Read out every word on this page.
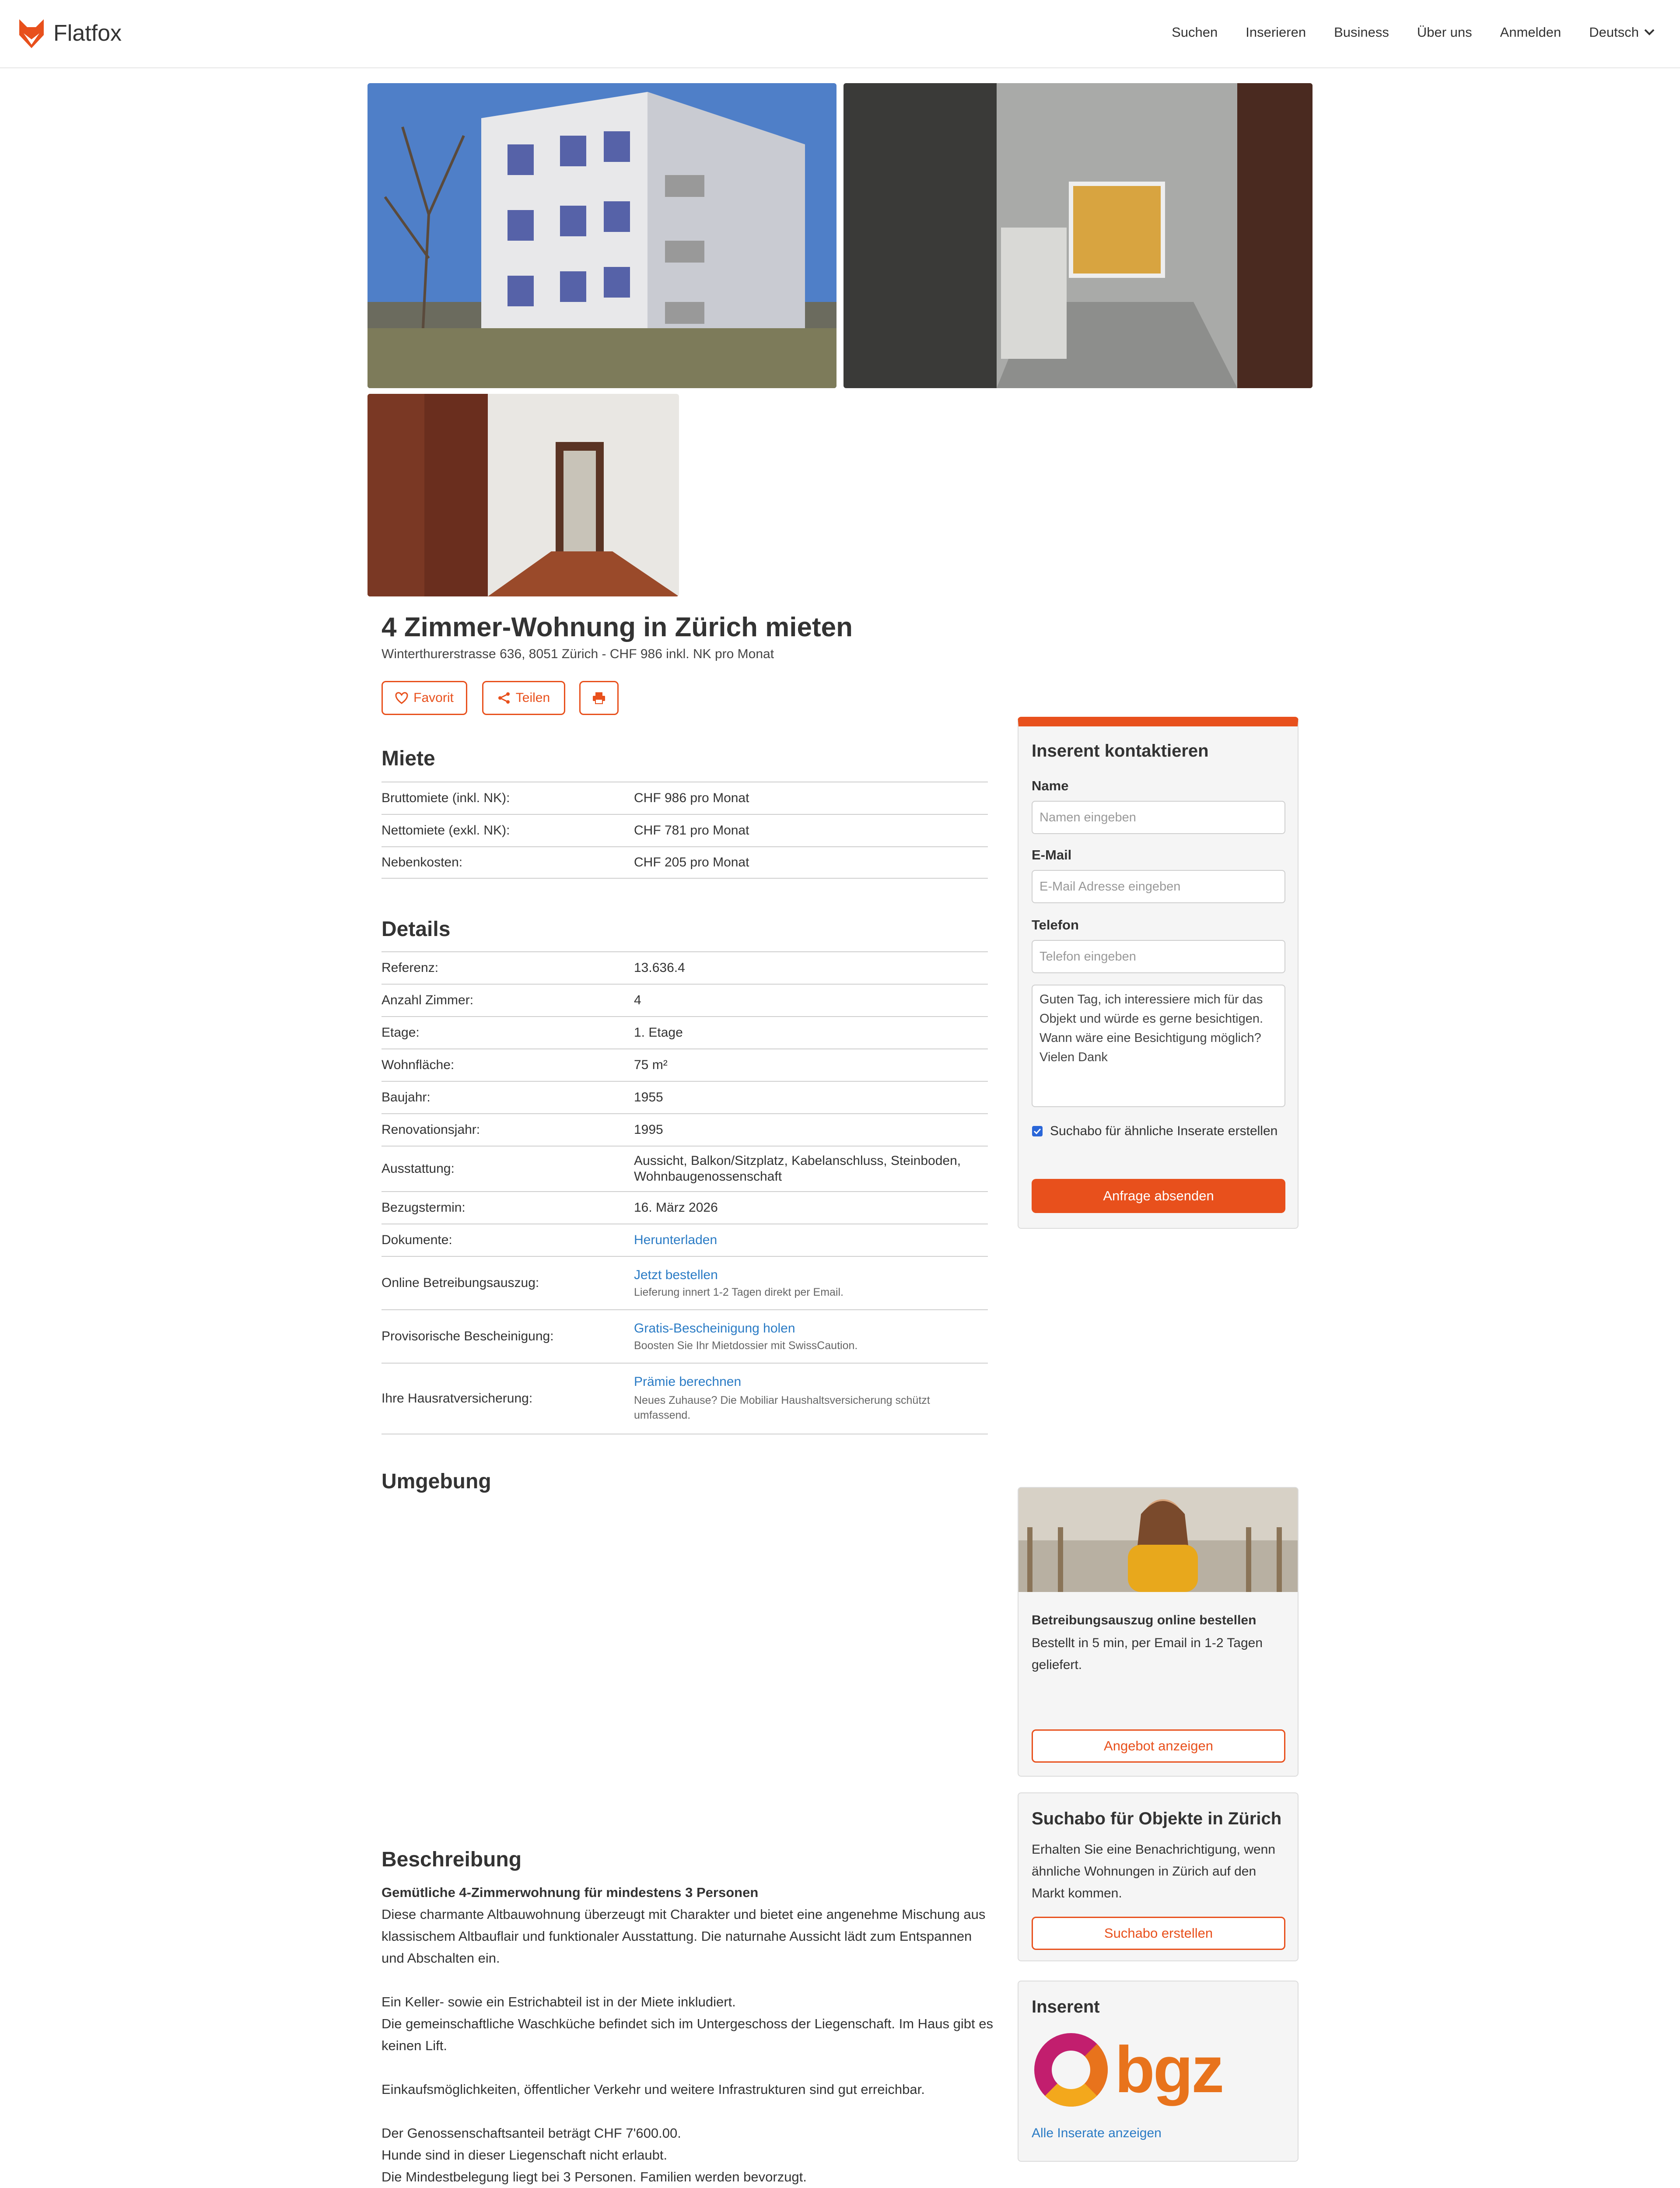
Flatfox	Suchen Inserieren Business Über uns Anmelden Deutsch
4 Zimmer-Wohnung in Zürich mieten
Winterthurerstrasse 636, 8051 Zürich - CHF 986 inkl. NK pro Monat
Favorit	Teilen
Miete
Bruttomiete (inkl. NK):	CHF 986 pro Monat
Nettomiete (exkl. NK):	CHF 781 pro Monat
Nebenkosten:	CHF 205 pro Monat
Details
Referenz:	13.636.4
Anzahl Zimmer:	4
Etage:	1. Etage
Wohnfläche:	75 m²
Baujahr:	1955
Renovationsjahr:	1995
Ausstattung:
Aussicht, Balkon/Sitzplatz, Kabelanschluss, Steinboden, Wohnbaugenossenschaft
Bezugstermin:	16. März 2026
Dokumente:	Herunterladen
Online Betreibungsauszug:
Jetzt bestellen
Lieferung innert 1-2 Tagen direkt per Email.
Provisorische Bescheinigung:
Gratis-Bescheinigung holen
Boosten Sie Ihr Mietdossier mit SwissCaution.
Ihre Hausratversicherung:
Prämie berechnen
Neues Zuhause? Die Mobiliar Haushaltsversicherung schützt umfassend.
Umgebung
Beschreibung

Gemütliche 4-Zimmerwohnung für mindestens 3 Personen
Diese charmante Altbauwohnung überzeugt mit Charakter und bietet eine angenehme Mischung aus klassischem Altbauflair und funktionaler Ausstattung. Die naturnahe Aussicht lädt zum Entspannen und Abschalten ein.

Ein Keller- sowie ein Estrichabteil ist in der Miete inkludiert.
Die gemeinschaftliche Waschküche befindet sich im Untergeschoss der Liegenschaft. Im Haus gibt es keinen Lift.

Einkaufsmöglichkeiten, öffentlicher Verkehr und weitere Infrastrukturen sind gut erreichbar.

Der Genossenschaftsanteil beträgt CHF 7'600.00.
Hunde sind in dieser Liegenschaft nicht erlaubt.
Die Mindestbelegung liegt bei 3 Personen. Familien werden bevorzugt.

Inserent kontaktieren
Name
Namen eingeben
E-Mail
E-Mail Adresse eingeben
Telefon
Telefon eingeben
Guten Tag, ich interessiere mich für das Objekt und würde es gerne besichtigen. Wann wäre eine Besichtigung möglich? Vielen Dank
Suchabo für ähnliche Inserate erstellen
Anfrage absenden
Betreibungsauszug online bestellen
Bestellt in 5 min, per Email in 1-2 Tagen geliefert.
Angebot anzeigen
Suchabo für Objekte in Zürich
Erhalten Sie eine Benachrichtigung, wenn ähnliche Wohnungen in Zürich auf den Markt kommen.
Suchabo erstellen
Inserent
bgz
Alle Inserate anzeigen
